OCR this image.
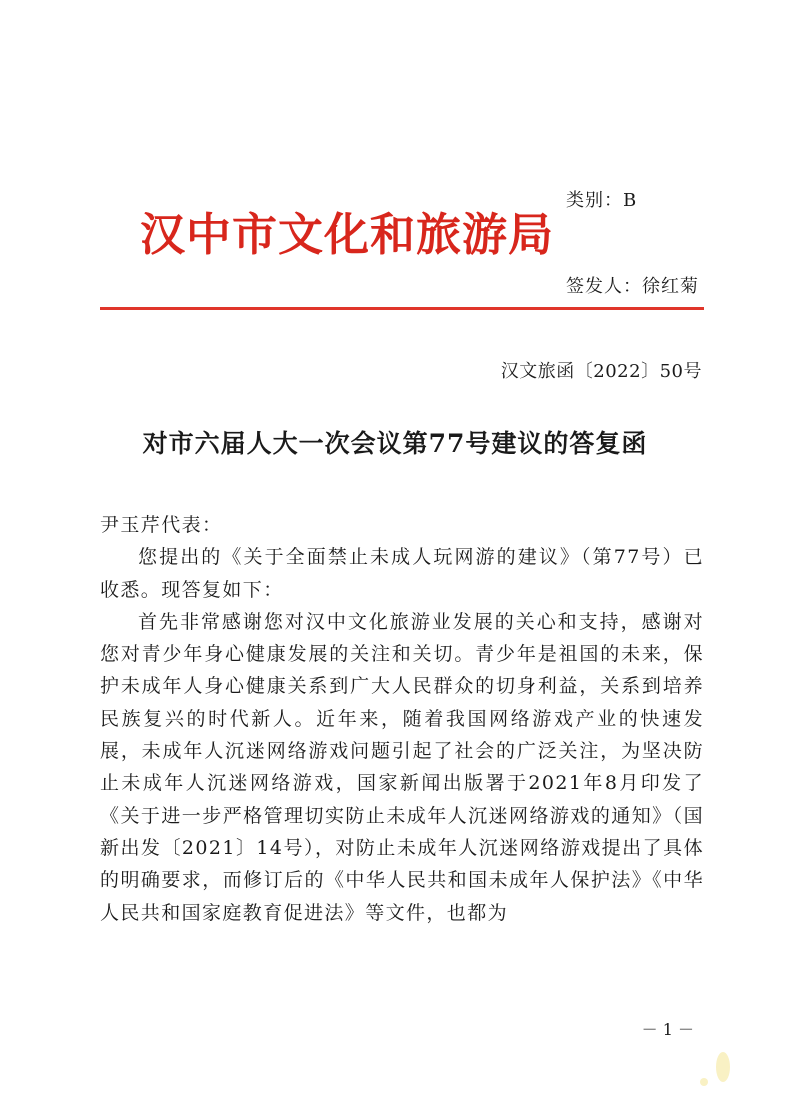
类别：B
汉中市文化和旅游局
签发人：徐红菊
汉文旅函〔2022〕50号
对市六届人大一次会议第77号建议的答复函

尹玉芹代表：

您提出的《关于全面禁止未成人玩网游的建议》（第77号）已收悉。现答复如下：

首先非常感谢您对汉中文化旅游业发展的关心和支持，感谢对您对青少年身心健康发展的关注和关切。青少年是祖国的未来，保护未成年人身心健康关系到广大人民群众的切身利益，关系到培养民族复兴的时代新人。近年来，随着我国网络游戏产业的快速发展，未成年人沉迷网络游戏问题引起了社会的广泛关注，为坚决防止未成年人沉迷网络游戏，国家新闻出版署于2021年8月印发了《关于进一步严格管理切实防止未成年人沉迷网络游戏的通知》（国新出发〔2021〕14号），对防止未成年人沉迷网络游戏提出了具体的明确要求，而修订后的《中华人民共和国未成年人保护法》《中华人民共和国家庭教育促进法》等文件，也都为

－ 1 －
